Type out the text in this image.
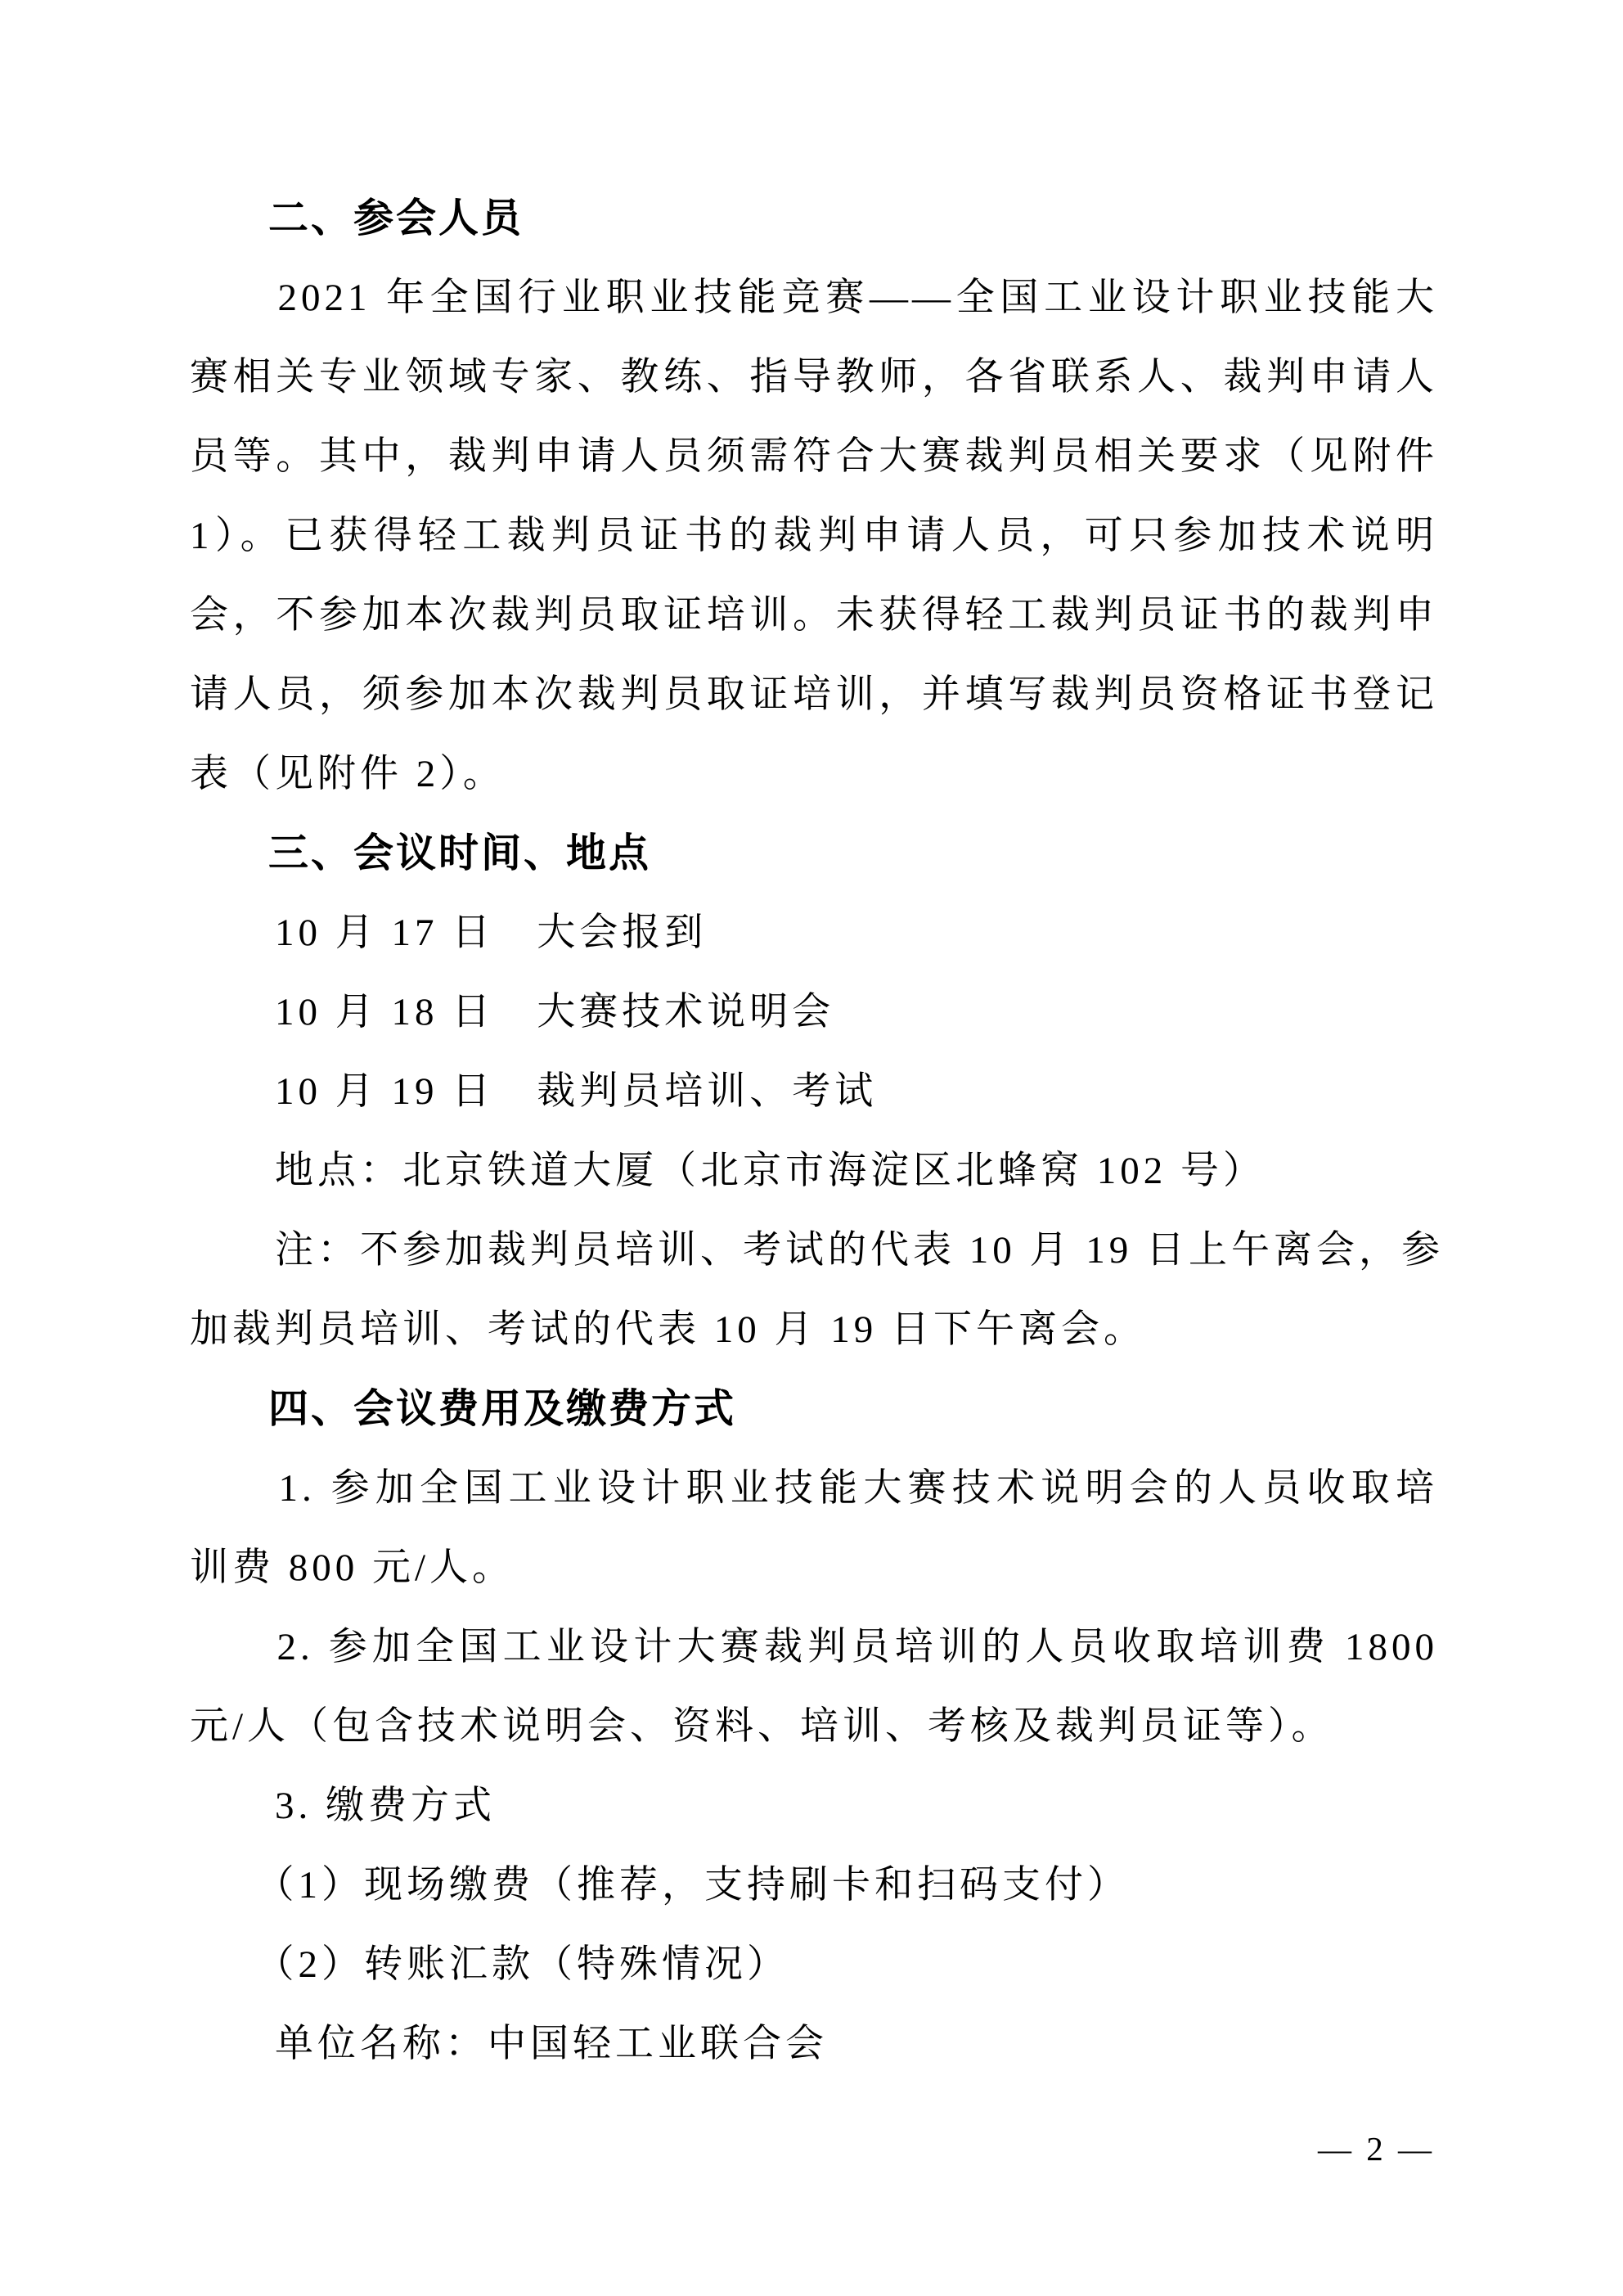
二、参会人员
　　2021 年全国行业职业技能竞赛——全国工业设计职业技能大
赛相关专业领域专家、教练、指导教师，各省联系人、裁判申请人
员等。其中，裁判申请人员须需符合大赛裁判员相关要求（见附件
1）。已获得轻工裁判员证书的裁判申请人员，可只参加技术说明
会，不参加本次裁判员取证培训。未获得轻工裁判员证书的裁判申
请人员，须参加本次裁判员取证培训，并填写裁判员资格证书登记
表（见附件 2）。
三、会议时间、地点
　　10 月 17 日　大会报到
　　10 月 18 日　大赛技术说明会
　　10 月 19 日　裁判员培训、考试
　　地点：北京铁道大厦（北京市海淀区北蜂窝 102 号）
　　注：不参加裁判员培训、考试的代表 10 月 19 日上午离会，参
加裁判员培训、考试的代表 10 月 19 日下午离会。
四、会议费用及缴费方式
　　1. 参加全国工业设计职业技能大赛技术说明会的人员收取培
训费 800 元/人。
　　2. 参加全国工业设计大赛裁判员培训的人员收取培训费 1800
元/人（包含技术说明会、资料、培训、考核及裁判员证等）。
　　3. 缴费方式
　　（1）现场缴费（推荐，支持刷卡和扫码支付）
　　（2）转账汇款（特殊情况）
　　单位名称：中国轻工业联合会
— 2 —
